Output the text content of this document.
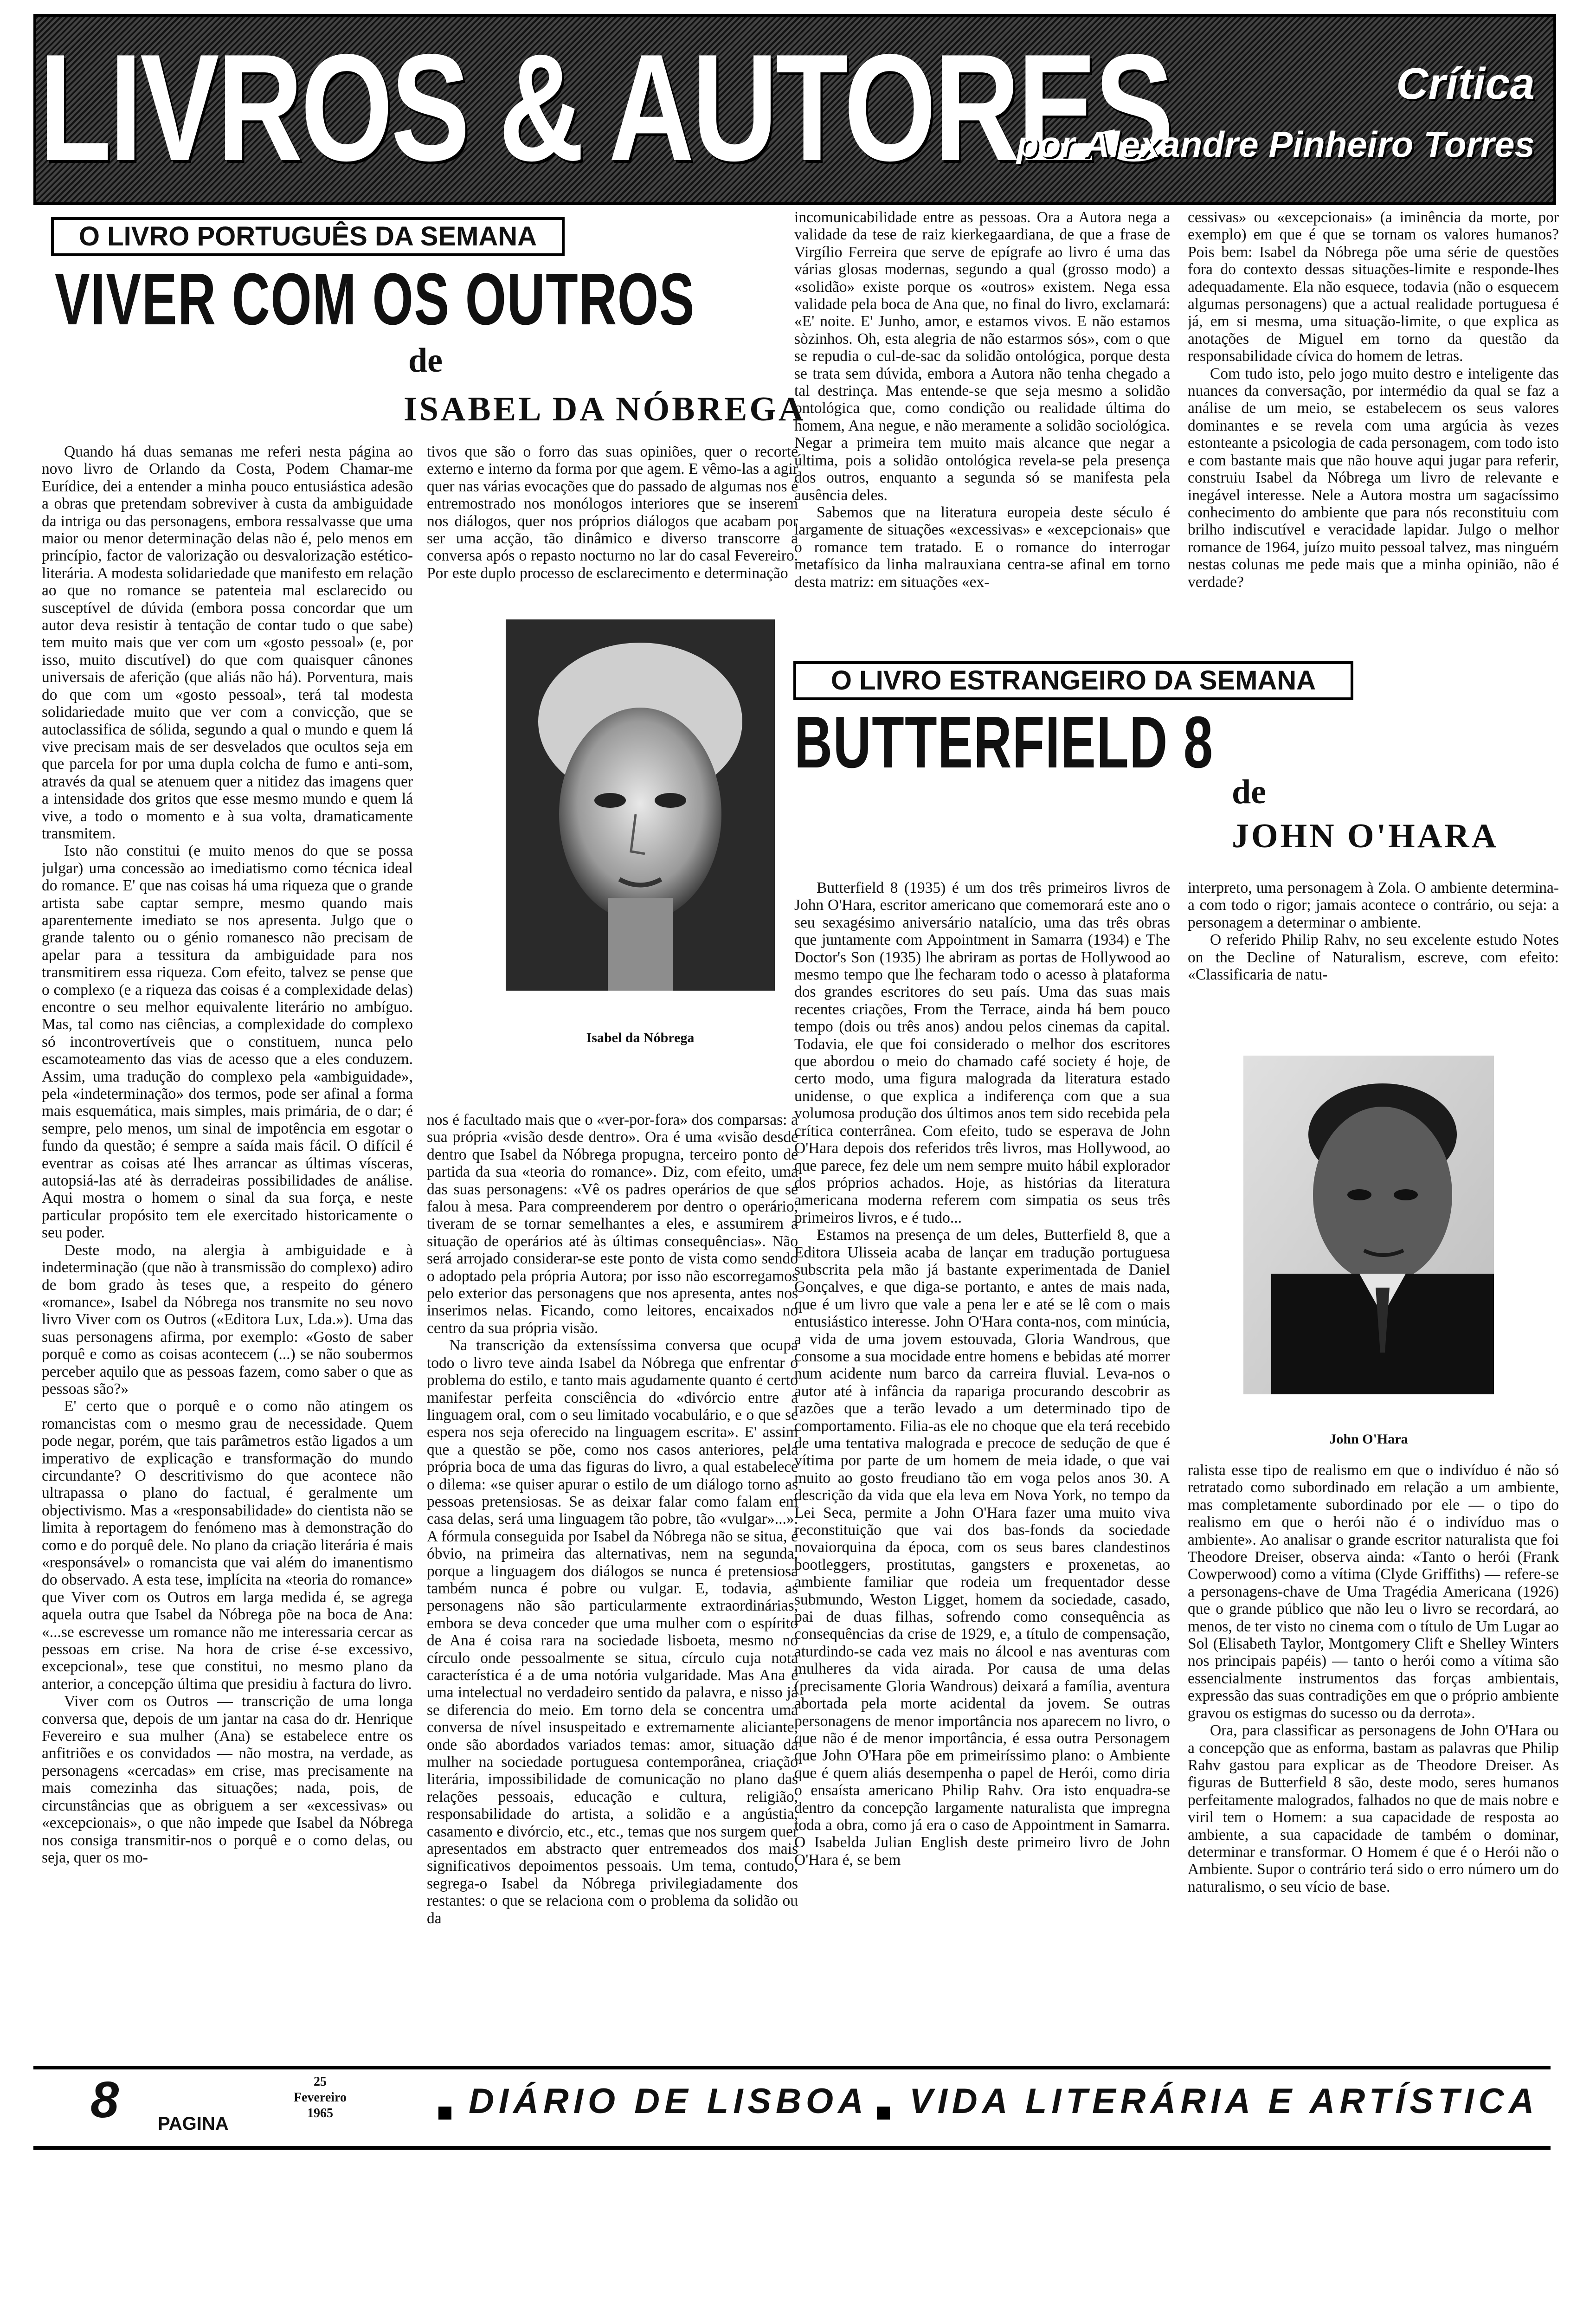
LIVROS & AUTORES	Crítica
por Alexandre Pinheiro Torres
O LIVRO PORTUGUÊS DA SEMANA
VIVER COM OS OUTROS
de
ISABEL DA NÓBREGA

Quando há duas semanas me referi nesta página ao novo livro de Orlando da Costa, Podem Chamar-me Eurídice, dei a entender a minha pouco entusiástica adesão a obras que pretendam sobreviver à custa da ambiguidade da intriga ou das personagens, embora ressalvasse que uma maior ou menor determinação delas não é, pelo menos em princípio, factor de valorização ou desvalorização estético-literária. A modesta solidariedade que manifesto em relação ao que no romance se patenteia mal esclarecido ou susceptível de dúvida (embora possa concordar que um autor deva resistir à tentação de contar tudo o que sabe) tem muito mais que ver com um «gosto pessoal» (e, por isso, muito discutível) do que com quaisquer cânones universais de aferição (que aliás não há). Porventura, mais do que com um «gosto pessoal», terá tal modesta solidariedade muito que ver com a convicção, que se autoclassifica de sólida, segundo a qual o mundo e quem lá vive precisam mais de ser desvelados que ocultos seja em que parcela for por uma dupla colcha de fumo e anti-som, através da qual se atenuem quer a nitidez das imagens quer a intensidade dos gritos que esse mesmo mundo e quem lá vive, a todo o momento e à sua volta, dramaticamente transmitem.

Isto não constitui (e muito menos do que se possa julgar) uma concessão ao imediatismo como técnica ideal do romance. E' que nas coisas há uma riqueza que o grande artista sabe captar sempre, mesmo quando mais aparentemente imediato se nos apresenta. Julgo que o grande talento ou o génio romanesco não precisam de apelar para a tessitura da ambiguidade para nos transmitirem essa riqueza. Com efeito, talvez se pense que o complexo (e a riqueza das coisas é a complexidade delas) encontre o seu melhor equivalente literário no ambíguo. Mas, tal como nas ciências, a complexidade do complexo só incontrovertíveis que o constituem, nunca pelo escamoteamento das vias de acesso que a eles conduzem. Assim, uma tradução do complexo pela «ambiguidade», pela «indeterminação» dos termos, pode ser afinal a forma mais esquemática, mais simples, mais primária, de o dar; é sempre, pelo menos, um sinal de impotência em esgotar o fundo da questão; é sempre a saída mais fácil. O difícil é eventrar as coisas até lhes arrancar as últimas vísceras, autopsiá-las até às derradeiras possibilidades de análise. Aqui mostra o homem o sinal da sua força, e neste particular propósito tem ele exercitado historicamente o seu poder.

Deste modo, na alergia à ambiguidade e à indeterminação (que não à transmissão do complexo) adiro de bom grado às teses que, a respeito do género «romance», Isabel da Nóbrega nos transmite no seu novo livro Viver com os Outros («Editora Lux, Lda.»). Uma das suas personagens afirma, por exemplo: «Gosto de saber porquê e como as coisas acontecem (...) se não soubermos perceber aquilo que as pessoas fazem, como saber o que as pessoas são?»

E' certo que o porquê e o como não atingem os romancistas com o mesmo grau de necessidade. Quem pode negar, porém, que tais parâmetros estão ligados a um imperativo de explicação e transformação do mundo circundante? O descritivismo do que acontece não ultrapassa o plano do factual, é geralmente um objectivismo. Mas a «responsabilidade» do cientista não se limita à reportagem do fenómeno mas à demonstração do como e do porquê dele. No plano da criação literária é mais «responsável» o romancista que vai além do imanentismo do observado. A esta tese, implícita na «teoria do romance» que Viver com os Outros em larga medida é, se agrega aquela outra que Isabel da Nóbrega põe na boca de Ana: «...se escrevesse um romance não me interessaria cercar as pessoas em crise. Na hora de crise é-se excessivo, excepcional», tese que constitui, no mesmo plano da anterior, a concepção última que presidiu à factura do livro.

Viver com os Outros — transcrição de uma longa conversa que, depois de um jantar na casa do dr. Henrique Fevereiro e sua mulher (Ana) se estabelece entre os anfitriões e os convidados — não mostra, na verdade, as personagens «cercadas» em crise, mas precisamente na mais comezinha das situações; nada, pois, de circunstâncias que as obriguem a ser «excessivas» ou «excepcionais», o que não impede que Isabel da Nóbrega nos consiga transmitir-nos o porquê e o como delas, ou seja, quer os mo-

tivos que são o forro das suas opiniões, quer o recorte externo e interno da forma por que agem. E vêmo-las a agir quer nas várias evocações que do passado de algumas nos é entremostrado nos monólogos interiores que se inserem nos diálogos, quer nos próprios diálogos que acabam por ser uma acção, tão dinâmico e diverso transcorre a conversa após o repasto nocturno no lar do casal Fevereiro. Por este duplo processo de esclarecimento e determinação

Isabel da Nóbrega

nos é facultado mais que o «ver-por-fora» dos comparsas: a sua própria «visão desde dentro». Ora é uma «visão desde dentro que Isabel da Nóbrega propugna, terceiro ponto de partida da sua «teoria do romance». Diz, com efeito, uma das suas personagens: «Vê os padres operários de que se falou à mesa. Para compreenderem por dentro o operário, tiveram de se tornar semelhantes a eles, e assumirem a situação de operários até às últimas consequências». Não será arrojado considerar-se este ponto de vista como sendo o adoptado pela própria Autora; por isso não escorregamos pelo exterior das personagens que nos apresenta, antes nos inserimos nelas. Ficando, como leitores, encaixados no centro da sua própria visão.

Na transcrição da extensíssima conversa que ocupa todo o livro teve ainda Isabel da Nóbrega que enfrentar o problema do estilo, e tanto mais agudamente quanto é certo manifestar perfeita consciência do «divórcio entre a linguagem oral, com o seu limitado vocabulário, e o que se espera nos seja oferecido na linguagem escrita». E' assim que a questão se põe, como nos casos anteriores, pela própria boca de uma das figuras do livro, a qual estabelece o dilema: «se quiser apurar o estilo de um diálogo torno as pessoas pretensiosas. Se as deixar falar como falam em casa delas, será uma linguagem tão pobre, tão «vulgar»...». A fórmula conseguida por Isabel da Nóbrega não se situa, é óbvio, na primeira das alternativas, nem na segunda, porque a linguagem dos diálogos se nunca é pretensiosa também nunca é pobre ou vulgar. E, todavia, as personagens não são particularmente extraordinárias, embora se deva conceder que uma mulher com o espírito de Ana é coisa rara na sociedade lisboeta, mesmo no círculo onde pessoalmente se situa, círculo cuja nota característica é a de uma notória vulgaridade. Mas Ana é uma intelectual no verdadeiro sentido da palavra, e nisso já se diferencia do meio. Em torno dela se concentra uma conversa de nível insuspeitado e extremamente aliciante, onde são abordados variados temas: amor, situação da mulher na sociedade portuguesa contemporânea, criação literária, impossibilidade de comunicação no plano das relações pessoais, educação e cultura, religião, responsabilidade do artista, a solidão e a angústia, casamento e divórcio, etc., etc., temas que nos surgem quer apresentados em abstracto quer entremeados dos mais significativos depoimentos pessoais. Um tema, contudo, segrega-o Isabel da Nóbrega privilegiadamente dos restantes: o que se relaciona com o problema da solidão ou da

incomunicabilidade entre as pessoas. Ora a Autora nega a validade da tese de raiz kierkegaardiana, de que a frase de Virgílio Ferreira que serve de epígrafe ao livro é uma das várias glosas modernas, segundo a qual (grosso modo) a «solidão» existe porque os «outros» existem. Nega essa validade pela boca de Ana que, no final do livro, exclamará: «E' noite. E' Junho, amor, e estamos vivos. E não estamos sòzinhos. Oh, esta alegria de não estarmos sós», com o que se repudia o cul-de-sac da solidão ontológica, porque desta se trata sem dúvida, embora a Autora não tenha chegado a tal destrinça. Mas entende-se que seja mesmo a solidão ontológica que, como condição ou realidade última do homem, Ana negue, e não meramente a solidão sociológica. Negar a primeira tem muito mais alcance que negar a última, pois a solidão ontológica revela-se pela presença dos outros, enquanto a segunda só se manifesta pela ausência deles.

Sabemos que na literatura europeia deste século é largamente de situações «excessivas» e «excepcionais» que o romance tem tratado. E o romance do interrogar metafísico da linha malrauxiana centra-se afinal em torno desta matriz: em situações «ex-

cessivas» ou «excepcionais» (a iminência da morte, por exemplo) em que é que se tornam os valores humanos? Pois bem: Isabel da Nóbrega põe uma série de questões fora do contexto dessas situações-limite e responde-lhes adequadamente. Ela não esquece, todavia (não o esquecem algumas personagens) que a actual realidade portuguesa é já, em si mesma, uma situação-limite, o que explica as anotações de Miguel em torno da questão da responsabilidade cívica do homem de letras.

Com tudo isto, pelo jogo muito destro e inteligente das nuances da conversação, por intermédio da qual se faz a análise de um meio, se estabelecem os seus valores dominantes e se revela com uma argúcia às vezes estonteante a psicologia de cada personagem, com todo isto e com bastante mais que não houve aqui jugar para referir, construiu Isabel da Nóbrega um livro de relevante e inegável interesse. Nele a Autora mostra um sagacíssimo conhecimento do ambiente que para nós reconstituiu com brilho indiscutível e veracidade lapidar. Julgo o melhor romance de 1964, juízo muito pessoal talvez, mas ninguém nestas colunas me pede mais que a minha opinião, não é verdade?

O LIVRO ESTRANGEIRO DA SEMANA
BUTTERFIELD 8
de
JOHN O'HARA

Butterfield 8 (1935) é um dos três primeiros livros de John O'Hara, escritor americano que comemorará este ano o seu sexagésimo aniversário natalício, uma das três obras que juntamente com Appointment in Samarra (1934) e The Doctor's Son (1935) lhe abriram as portas de Hollywood ao mesmo tempo que lhe fecharam todo o acesso à plataforma dos grandes escritores do seu país. Uma das suas mais recentes criações, From the Terrace, ainda há bem pouco tempo (dois ou três anos) andou pelos cinemas da capital. Todavia, ele que foi considerado o melhor dos escritores que abordou o meio do chamado café society é hoje, de certo modo, uma figura malograda da literatura estado unidense, o que explica a indiferença com que a sua volumosa produção dos últimos anos tem sido recebida pela crítica conterrânea. Com efeito, tudo se esperava de John O'Hara depois dos referidos três livros, mas Hollywood, ao que parece, fez dele um nem sempre muito hábil explorador dos próprios achados. Hoje, as histórias da literatura americana moderna referem com simpatia os seus três primeiros livros, e é tudo...

Estamos na presença de um deles, Butterfield 8, que a Editora Ulisseia acaba de lançar em tradução portuguesa subscrita pela mão já bastante experimentada de Daniel Gonçalves, e que diga-se portanto, e antes de mais nada, que é um livro que vale a pena ler e até se lê com o mais entusiástico interesse. John O'Hara conta-nos, com minúcia, a vida de uma jovem estouvada, Gloria Wandrous, que consome a sua mocidade entre homens e bebidas até morrer num acidente num barco da carreira fluvial. Leva-nos o autor até à infância da rapariga procurando descobrir as razões que a terão levado a um determinado tipo de comportamento. Filia-as ele no choque que ela terá recebido de uma tentativa malograda e precoce de sedução de que é vítima por parte de um homem de meia idade, o que vai muito ao gosto freudiano tão em voga pelos anos 30. A descrição da vida que ela leva em Nova York, no tempo da Lei Seca, permite a John O'Hara fazer uma muito viva reconstituição que vai dos bas-fonds da sociedade novaiorquina da época, com os seus bares clandestinos bootleggers, prostitutas, gangsters e proxenetas, ao ambiente familiar que rodeia um frequentador desse submundo, Weston Ligget, homem da sociedade, casado, pai de duas filhas, sofrendo como consequência as consequências da crise de 1929, e, a título de compensação, aturdindo-se cada vez mais no álcool e nas aventuras com mulheres da vida airada. Por causa de uma delas (precisamente Gloria Wandrous) deixará a família, aventura abortada pela morte acidental da jovem. Se outras personagens de menor importância nos aparecem no livro, o que não é de menor importância, é essa outra Personagem que John O'Hara põe em primeiríssimo plano: o Ambiente que é quem aliás desempenha o papel de Herói, como diria o ensaísta americano Philip Rahv. Ora isto enquadra-se dentro da concepção largamente naturalista que impregna toda a obra, como já era o caso de Appointment in Samarra. O Isabelda Julian English deste primeiro livro de John O'Hara é, se bem

interpreto, uma personagem à Zola. O ambiente determina-a com todo o rigor; jamais acontece o contrário, ou seja: a personagem a determinar o ambiente.

O referido Philip Rahv, no seu excelente estudo Notes on the Decline of Naturalism, escreve, com efeito: «Classificaria de natu-

John O'Hara

ralista esse tipo de realismo em que o indivíduo é não só retratado como subordinado em relação a um ambiente, mas completamente subordinado por ele — o tipo do realismo em que o herói não é o indivíduo mas o ambiente». Ao analisar o grande escritor naturalista que foi Theodore Dreiser, observa ainda: «Tanto o herói (Frank Cowperwood) como a vítima (Clyde Griffiths) — refere-se a personagens-chave de Uma Tragédia Americana (1926) que o grande público que não leu o livro se recordará, ao menos, de ter visto no cinema com o título de Um Lugar ao Sol (Elisabeth Taylor, Montgomery Clift e Shelley Winters nos principais papéis) — tanto o herói como a vítima são essencialmente instrumentos das forças ambientais, expressão das suas contradições em que o próprio ambiente gravou os estigmas do sucesso ou da derrota».

Ora, para classificar as personagens de John O'Hara ou a concepção que as enforma, bastam as palavras que Philip Rahv gastou para explicar as de Theodore Dreiser. As figuras de Butterfield 8 são, deste modo, seres humanos perfeitamente malogrados, falhados no que de mais nobre e viril tem o Homem: a sua capacidade de resposta ao ambiente, a sua capacidade de também o dominar, determinar e transformar. O Homem é que é o Herói não o Ambiente. Supor o contrário terá sido o erro número um do naturalismo, o seu vício de base.

8 PAGINA
25
Fevereiro
1965	DIÁRIO DE LISBOA VIDA LITERÁRIA E ARTÍSTICA
